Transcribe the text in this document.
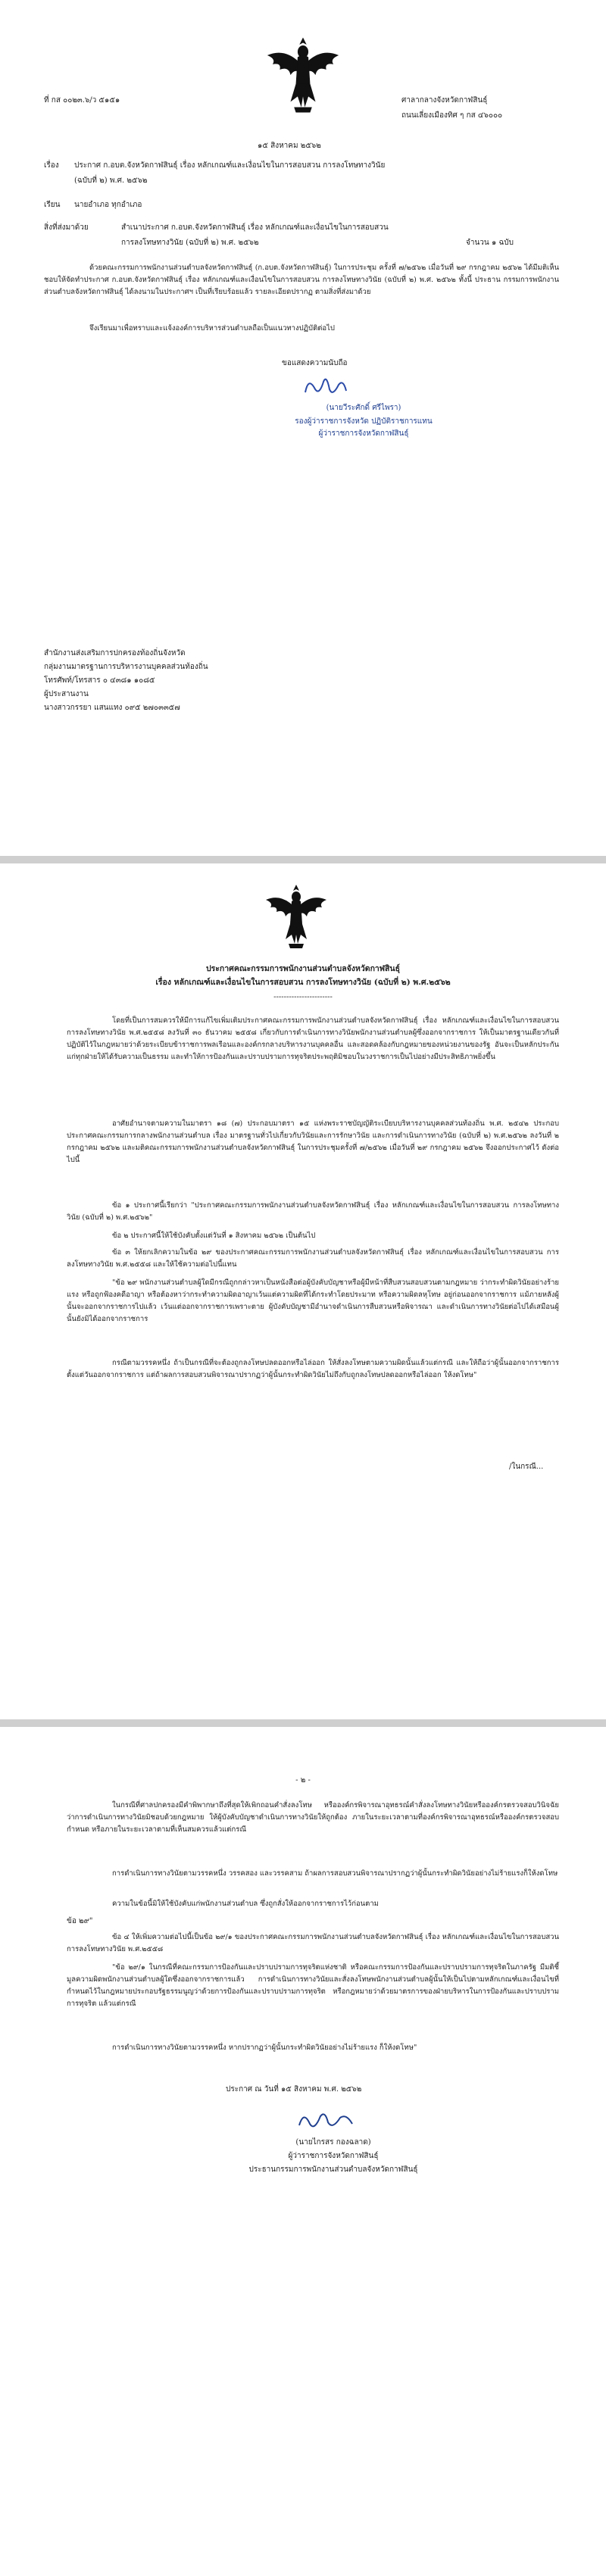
ที่ กส ๐๐๒๓.๖/ว ๕๑๕๑	ศาลากลางจังหวัดกาฬสินธุ์
ถนนเลี่ยงเมืองทิศ ๆ กส ๔๖๐๐๐
๑๕ สิงหาคม ๒๕๖๒
เรื่อง ประกาศ ก.อบต.จังหวัดกาฬสินธุ์ เรื่อง หลักเกณฑ์และเงื่อนไขในการสอบสวน การลงโทษทางวินัย
(ฉบับที่ ๒) พ.ศ. ๒๕๖๒
เรียน นายอำเภอ ทุกอำเภอ
สิ่งที่ส่งมาด้วย	สำเนาประกาศ ก.อบต.จังหวัดกาฬสินธุ์ เรื่อง หลักเกณฑ์และเงื่อนไขในการสอบสวน
การลงโทษทางวินัย (ฉบับที่ ๒) พ.ศ. ๒๕๖๒	จำนวน ๑ ฉบับ
ด้วยคณะกรรมการพนักงานส่วนตำบลจังหวัดกาฬสินธุ์ (ก.อบต.จังหวัดกาฬสินธุ์) ในการประชุม ครั้งที่ ๗/๒๕๖๒ เมื่อวันที่ ๒๙ กรกฎาคม ๒๕๖๒ ได้มีมติเห็นชอบให้จัดทำประกาศ ก.อบต.จังหวัดกาฬสินธุ์ เรื่อง หลักเกณฑ์และเงื่อนไขในการสอบสวน การลงโทษทางวินัย (ฉบับที่ ๒) พ.ศ. ๒๕๖๒ ทั้งนี้ ประธาน กรรมการพนักงานส่วนตำบลจังหวัดกาฬสินธุ์ ได้ลงนามในประกาศฯ เป็นที่เรียบร้อยแล้ว รายละเอียดปรากฏ ตามสิ่งที่ส่งมาด้วย
จึงเรียนมาเพื่อทราบและแจ้งองค์การบริหารส่วนตำบลถือเป็นแนวทางปฏิบัติต่อไป
ขอแสดงความนับถือ
(นายวีระศักดิ์ ศรีไพรา)
รองผู้ว่าราชการจังหวัด ปฏิบัติราชการแทน
ผู้ว่าราชการจังหวัดกาฬสินธุ์
สำนักงานส่งเสริมการปกครองท้องถิ่นจังหวัด
กลุ่มงานมาตรฐานการบริหารงานบุคคลส่วนท้องถิ่น
โทรศัพท์/โทรสาร ๐ ๔๓๘๑ ๑๐๘๕
ผู้ประสานงาน
นางสาวกรรยา แสนแทง ๐๙๕ ๒๗๐๓๓๕๗
ประกาศคณะกรรมการพนักงานส่วนตำบลจังหวัดกาฬสินธุ์
เรื่อง หลักเกณฑ์และเงื่อนไขในการสอบสวน การลงโทษทางวินัย (ฉบับที่ ๒) พ.ศ.๒๕๖๒
-----------------------
โดยที่เป็นการสมควรให้มีการแก้ไขเพิ่มเติมประกาศคณะกรรมการพนักงานส่วนตำบลจังหวัดกาฬสินธุ์ เรื่อง หลักเกณฑ์และเงื่อนไขในการสอบสวน การลงโทษทางวินัย พ.ศ.๒๕๕๘ ลงวันที่ ๓๐ ธันวาคม ๒๕๕๘ เกี่ยวกับการดำเนินการทางวินัยพนักงานส่วนตำบลผู้ซึ่งออกจากราชการ ให้เป็นมาตรฐานเดียวกันที่ปฏิบัติไว้ในกฎหมายว่าด้วยระเบียบข้าราชการพลเรือนและองค์กรกลางบริหารงานบุคคลอื่น และสอดคล้องกับกฎหมายของหน่วยงานของรัฐ อันจะเป็นหลักประกันแก่ทุกฝ่ายให้ได้รับความเป็นธรรม และทำให้การป้องกันและปราบปรามการทุจริตประพฤติมิชอบในวงราชการเป็นไปอย่างมีประสิทธิภาพยิ่งขึ้น
อาศัยอำนาจตามความในมาตรา ๑๘ (๗) ประกอบมาตรา ๑๕ แห่งพระราชบัญญัติระเบียบบริหารงานบุคคลส่วนท้องถิ่น พ.ศ. ๒๕๔๒ ประกอบประกาศคณะกรรมการกลางพนักงานส่วนตำบล เรื่อง มาตรฐานทั่วไปเกี่ยวกับวินัยและการรักษาวินัย และการดำเนินการทางวินัย (ฉบับที่ ๒) พ.ศ.๒๕๖๒ ลงวันที่ ๒ กรกฎาคม ๒๕๖๒ และมติคณะกรรมการพนักงานส่วนตำบลจังหวัดกาฬสินธุ์ ในการประชุมครั้งที่ ๗/๒๕๖๒ เมื่อวันที่ ๒๙ กรกฎาคม ๒๕๖๒ จึงออกประกาศไว้ ดังต่อไปนี้
ข้อ ๑ ประกาศนี้เรียกว่า "ประกาศคณะกรรมการพนักงานส่วนตำบลจังหวัดกาฬสินธุ์ เรื่อง หลักเกณฑ์และเงื่อนไขในการสอบสวน การลงโทษทางวินัย (ฉบับที่ ๒) พ.ศ.๒๕๖๒"
ข้อ ๒ ประกาศนี้ให้ใช้บังคับตั้งแต่วันที่ ๑ สิงหาคม ๒๕๖๒ เป็นต้นไป
ข้อ ๓ ให้ยกเลิกความในข้อ ๒๙ ของประกาศคณะกรรมการพนักงานส่วนตำบลจังหวัดกาฬสินธุ์ เรื่อง หลักเกณฑ์และเงื่อนไขในการสอบสวน การลงโทษทางวินัย พ.ศ.๒๕๕๘ และให้ใช้ความต่อไปนี้แทน
"ข้อ ๒๙ พนักงานส่วนตำบลผู้ใดมีกรณีถูกกล่าวหาเป็นหนังสือต่อผู้บังคับบัญชาหรือผู้มีหน้าที่สืบสวนสอบสวนตามกฎหมาย ว่ากระทำผิดวินัยอย่างร้ายแรง หรือถูกฟ้องคดีอาญา หรือต้องหาว่ากระทำความผิดอาญาเว้นแต่ความผิดที่ได้กระทำโดยประมาท หรือความผิดลหุโทษ อยู่ก่อนออกจากราชการ แม้ภายหลังผู้นั้นจะออกจากราชการไปแล้ว เว้นแต่ออกจากราชการเพราะตาย ผู้บังคับบัญชามีอำนาจดำเนินการสืบสวนหรือพิจารณา และดำเนินการทางวินัยต่อไปได้เสมือนผู้นั้นยังมิได้ออกจากราชการ
กรณีตามวรรคหนึ่ง ถ้าเป็นกรณีที่จะต้องถูกลงโทษปลดออกหรือไล่ออก ให้สั่งลงโทษตามความผิดนั้นแล้วแต่กรณี และให้ถือว่าผู้นั้นออกจากราชการตั้งแต่วันออกจากราชการ แต่ถ้าผลการสอบสวนพิจารณาปรากฏว่าผู้นั้นกระทำผิดวินัยไม่ถึงกับถูกลงโทษปลดออกหรือไล่ออก ให้งดโทษ"
/ในกรณี...
- ๒ -
ในกรณีที่ศาลปกครองมีคำพิพากษาถึงที่สุดให้เพิกถอนคำสั่งลงโทษ หรือองค์กรพิจารณาอุทธรณ์คำสั่งลงโทษทางวินัยหรือองค์กรตรวจสอบวินิจฉัยว่าการดำเนินการทางวินัยมิชอบด้วยกฎหมาย ให้ผู้บังคับบัญชาดำเนินการทางวินัยให้ถูกต้อง ภายในระยะเวลาตามที่องค์กรพิจารณาอุทธรณ์หรือองค์กรตรวจสอบกำหนด หรือภายในระยะเวลาตามที่เห็นสมควรแล้วแต่กรณี
การดำเนินการทางวินัยตามวรรคหนึ่ง วรรคสอง และวรรคสาม ถ้าผลการสอบสวนพิจารณาปรากฏว่าผู้นั้นกระทำผิดวินัยอย่างไม่ร้ายแรงก็ให้งดโทษ
ความในข้อนี้มิให้ใช้บังคับแก่พนักงานส่วนตำบล ซึ่งถูกสั่งให้ออกจากราชการไว้ก่อนตาม
ข้อ ๒๙"
ข้อ ๔ ให้เพิ่มความต่อไปนี้เป็นข้อ ๒๙/๑ ของประกาศคณะกรรมการพนักงานส่วนตำบลจังหวัดกาฬสินธุ์ เรื่อง หลักเกณฑ์และเงื่อนไขในการสอบสวน การลงโทษทางวินัย พ.ศ.๒๕๕๘
"ข้อ ๒๙/๑ ในกรณีที่คณะกรรมการป้องกันและปราบปรามการทุจริตแห่งชาติ หรือคณะกรรมการป้องกันและปราบปรามการทุจริตในภาครัฐ มีมติชี้มูลความผิดพนักงานส่วนตำบลผู้ใดซึ่งออกจากราชการแล้ว การดำเนินการทางวินัยและสั่งลงโทษพนักงานส่วนตำบลผู้นั้นให้เป็นไปตามหลักเกณฑ์และเงื่อนไขที่กำหนดไว้ในกฎหมายประกอบรัฐธรรมนูญว่าด้วยการป้องกันและปราบปรามการทุจริต หรือกฎหมายว่าด้วยมาตรการของฝ่ายบริหารในการป้องกันและปราบปรามการทุจริต แล้วแต่กรณี
การดำเนินการทางวินัยตามวรรคหนึ่ง หากปรากฏว่าผู้นั้นกระทำผิดวินัยอย่างไม่ร้ายแรง ก็ให้งดโทษ"
ประกาศ ณ วันที่ ๑๕ สิงหาคม พ.ศ. ๒๕๖๒
(นายไกรสร กองฉลาด)
ผู้ว่าราชการจังหวัดกาฬสินธุ์
ประธานกรรมการพนักงานส่วนตำบลจังหวัดกาฬสินธุ์
